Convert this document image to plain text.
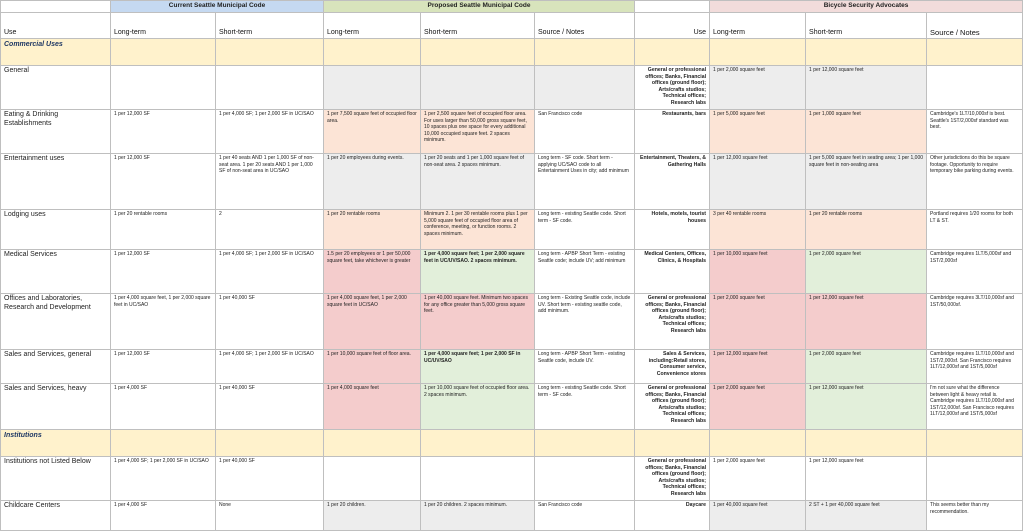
	Current Seattle Municipal Code		Proposed Seattle Municipal Code				Bicycle Security Advocates		
Use	Long-term	Short-term	Long-term	Short-term	Source / Notes	Use	Long-term	Short-term	Source / Notes
Commercial Uses									
General						General or professional offices; Banks, Financial offices (ground floor); Arts/crafts studios; Technical offices; Research labs	1 per 2,000 square feet	1 per 12,000 square feet	
Eating & Drinking Establishments	1 per 12,000 SF	1 per 4,000 SF; 1 per 2,000 SF in UC/SAO	1 per 7,500 square feet of occupied floor area.	1 per 2,500 square feet of occupied floor area. For uses larger than 50,000 gross square feet, 10 spaces plus one space for every additional 10,000 occupied square feet. 2 spaces minimum.	San Francisco code	Restaurants, bars	1 per 5,000 square feet	1 per 1,000 square feet	Cambridge's 1LT/10,000sf is best. Seattle's 1ST/2,000sf standard was best.
Entertainment uses	1 per 12,000 SF	1 per 40 seats AND 1 per 1,000 SF of non-seat area. 1 per 20 seats AND 1 per 1,000 SF of non-seat area in UC/SAO	1 per 20 employees during events.	1 per 20 seats and 1 per 1,000 square feet of non-seat area. 2 spaces minimum.	Long term - SF code. Short term - applying UC/SAO code to all Entertainment Uses in city; add minimum	Entertainment, Theaters, & Gathering Halls	1 per 12,000 square feet	1 per 5,000 square feet in seating area; 1 per 1,000 square feet in non-seating area	Other jurisdictions do this be square footage. Opportunity to require temporary bike parking during events.
Lodging uses	1 per 20 rentable rooms	2	1 per 20 rentable rooms	Minimum 2. 1 per 30 rentable rooms plus 1 per 5,000 square feet of occupied floor area of conference, meeting, or function rooms. 2 spaces minimum.	Long term - existing Seattle code. Short term - SF code.	Hotels, motels, tourist houses	3 per 40 rentable rooms	1 per 20 rentable rooms	Portland requires 1/20 rooms for both LT & ST.
Medical Services	1 per 12,000 SF	1 per 4,000 SF; 1 per 2,000 SF in UC/SAO	1.5 per 20 employees or 1 per 50,000 square feet, take whichever is greater	1 per 4,000 square feet; 1 per 2,000 square feet in UC/UV/SAO. 2 spaces minimum.	Long term - APBP Short Term - existing Seattle code; include UV; add minimum	Medical Centers, Offices, Clinics, & Hospitals	1 per 10,000 square feet	1 per 2,000 square feet	Cambridge requires 1LT/5,000sf and 1ST/2,000sf
Offices and Laboratories, Research and Development	1 per 4,000 square feet, 1 per 2,000 square feet in UC/SAO	1 per 40,000 SF	1 per 4,000 square feet, 1 per 2,000 square feet in UC/SAO	1 per 40,000 square feet. Minimum two spaces for any office greater than 5,000 gross square feet.	Long term - Existing Seattle code, include UV. Short term - existing seattle code, add minimum.	General or professional offices; Banks, Financial offices (ground floor); Arts/crafts studios; Technical offices; Research labs	1 per 2,000 square feet	1 per 12,000 square feet	Cambridge requires 3LT/10,000sf and 1ST/50,000sf.
Sales and Services, general	1 per 12,000 SF	1 per 4,000 SF; 1 per 2,000 SF in UC/SAO	1 per 10,000 square feet of floor area.	1 per 4,000 square feet; 1 per 2,000 SF in UC/UV/SAO	Long term - APBP Short Term - existing Seattle code, include UV.	Sales & Services, including:Retail stores, Consumer service, Convenience stores	1 per 12,000 square feet	1 per 2,000 square feet	Cambridge requires 1LT/10,000sf and 1ST/2,000sf. San Francisco requires 1LT/12,000sf and 1ST/5,000sf
Sales and Services, heavy	1 per 4,000 SF	1 per 40,000 SF	1 per 4,000 square feet	1 per 10,000 square feet of occupied floor area. 2 spaces minimum.	Long term - existing Seattle code. Short term - SF code.	General or professional offices; Banks, Financial offices (ground floor); Arts/crafts studios; Technical offices; Research labs	1 per 2,000 square feet	1 per 12,000 square feet	I'm not sure what the difference between light & heavy retail is. Cambridge requires 1LT/10,000sf and 1ST/12,000sf. San Francisco requires 1LT/12,000sf and 1ST/5,000sf
Institutions									
Institutions not Listed Below	1 per 4,000 SF; 1 per 2,000 SF in UC/SAO	1 per 40,000 SF				General or professional offices; Banks, Financial offices (ground floor); Arts/crafts studios; Technical offices; Research labs	1 per 2,000 square feet	1 per 12,000 square feet	
Childcare Centers	1 per 4,000 SF	None	1 per 20 children.	1 per 20 children. 2 spaces minimum.	San Francisco code	Daycare	1 per 40,000 square feet	2 ST + 1 per 40,000 square feet	This seems better than my recommendation.
